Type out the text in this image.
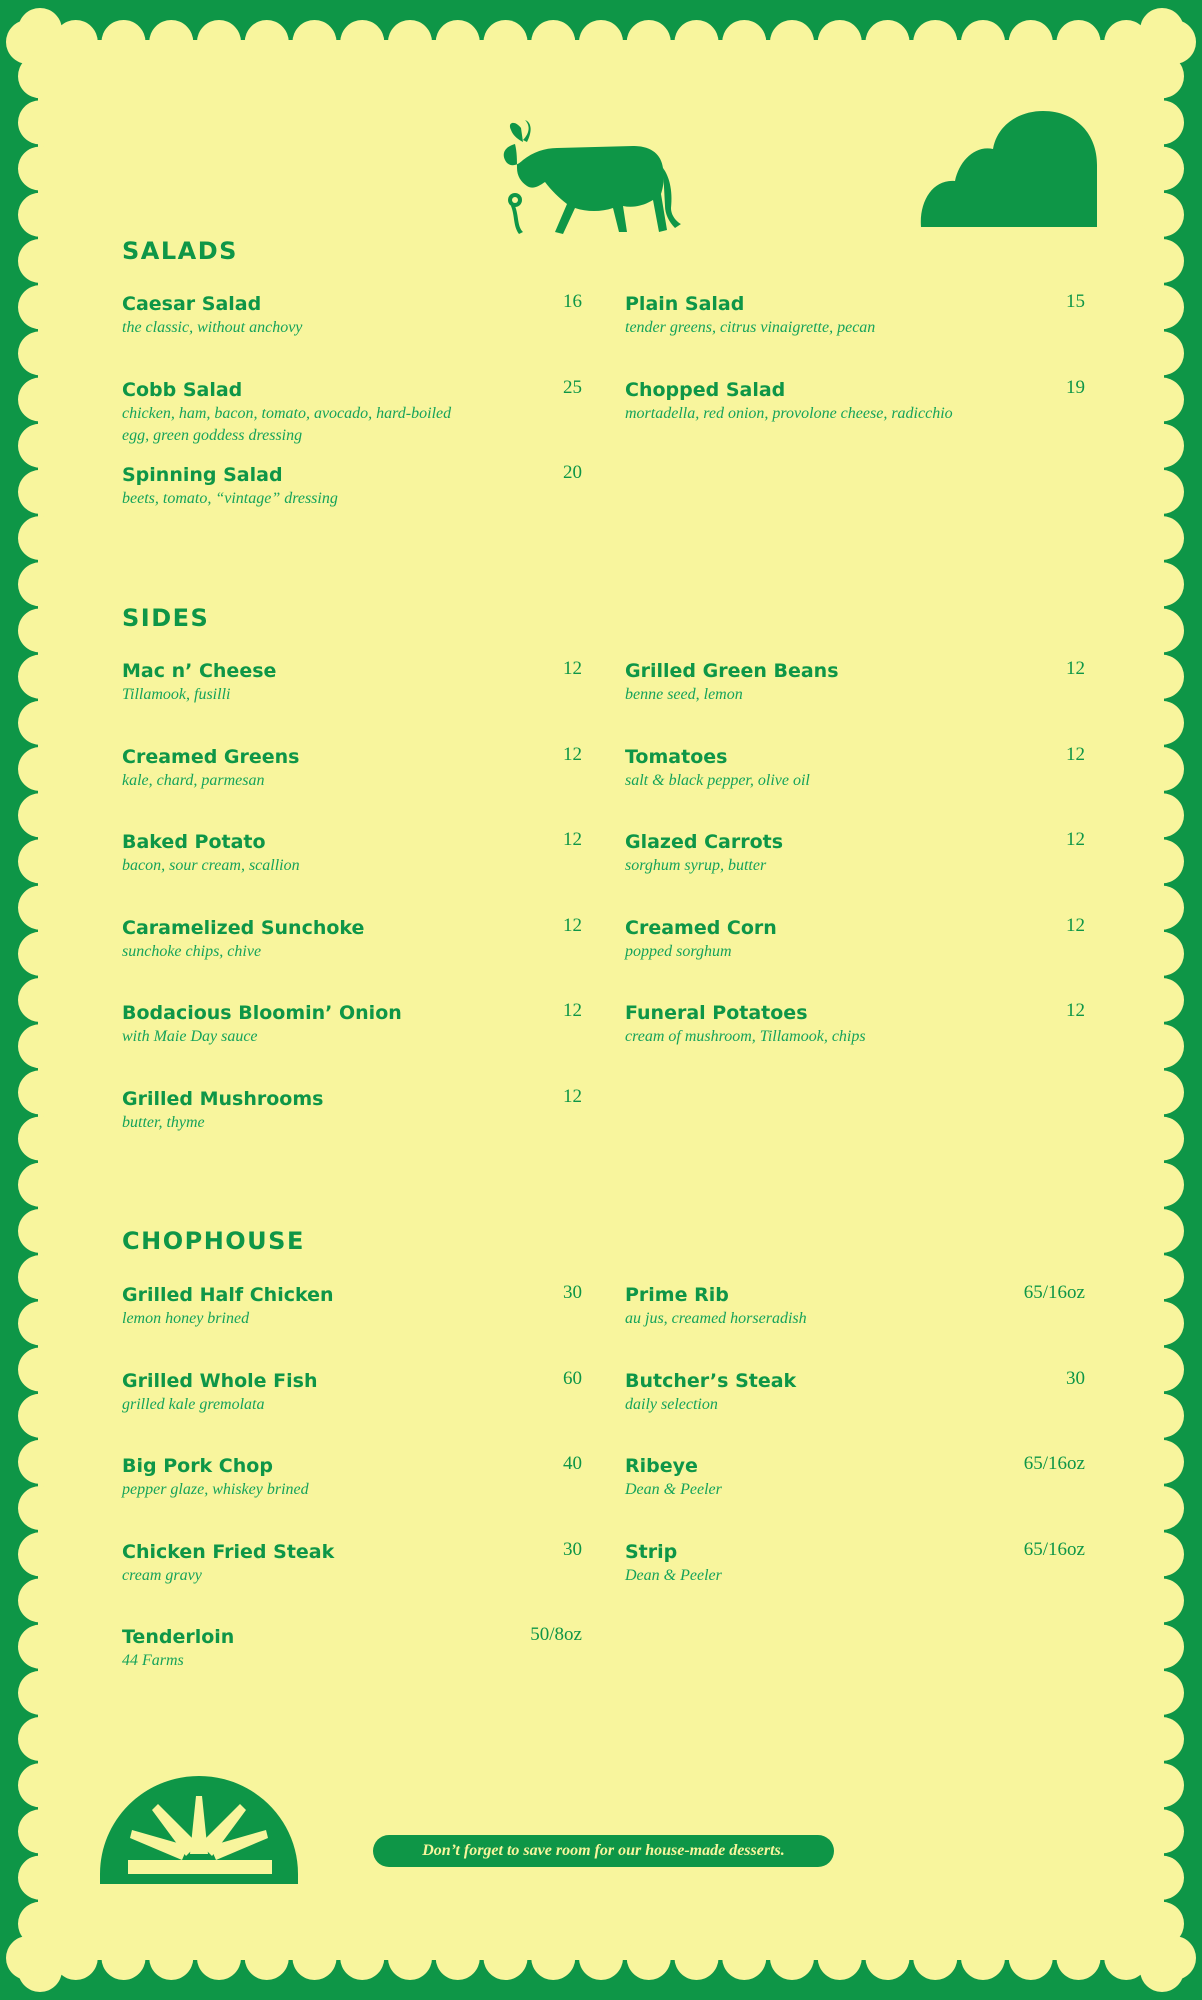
SALADS
Caesar Salad	16
the classic, without anchovy
Plain Salad	15
tender greens, citrus vinaigrette, pecan
Cobb Salad	25
chicken, ham, bacon, tomato, avocado, hard-boiled egg, green goddess dressing
Chopped Salad	19
mortadella, red onion, provolone cheese, radicchio
Spinning Salad	20
beets, tomato, “vintage” dressing
SIDES
Mac n’ Cheese	12
Tillamook, fusilli
Grilled Green Beans	12
benne seed, lemon
Creamed Greens	12
kale, chard, parmesan
Tomatoes	12
salt & black pepper, olive oil
Baked Potato	12
bacon, sour cream, scallion
Glazed Carrots	12
sorghum syrup, butter
Caramelized Sunchoke	12
sunchoke chips, chive
Creamed Corn	12
popped sorghum
Bodacious Bloomin’ Onion	12
with Maie Day sauce
Funeral Potatoes	12
cream of mushroom, Tillamook, chips
Grilled Mushrooms	12
butter, thyme
CHOPHOUSE
Grilled Half Chicken	30
lemon honey brined
Prime Rib	65/16oz
au jus, creamed horseradish
Grilled Whole Fish	60
grilled kale gremolata
Butcher’s Steak	30
daily selection
Big Pork Chop	40
pepper glaze, whiskey brined
Ribeye	65/16oz
Dean & Peeler
Chicken Fried Steak	30
cream gravy
Strip	65/16oz
Dean & Peeler
Tenderloin	50/8oz
44 Farms
Don’t forget to save room for our house-made desserts.
